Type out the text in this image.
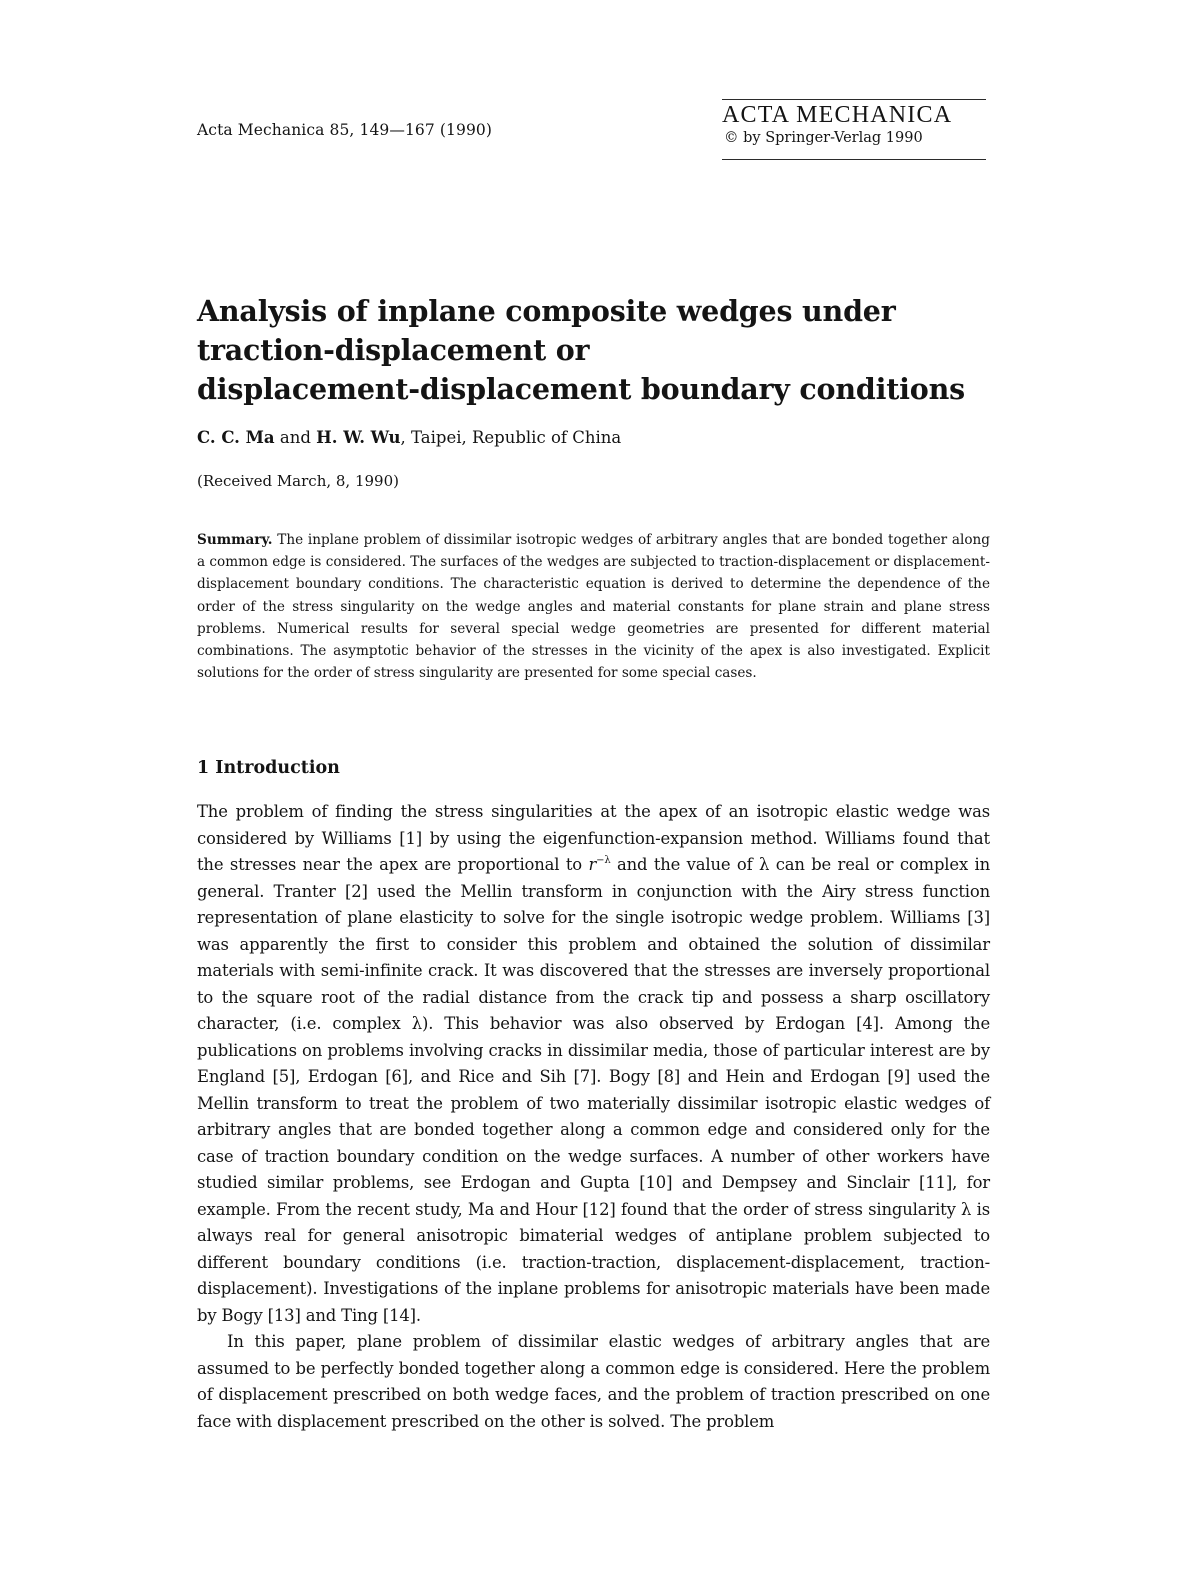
Acta Mechanica 85, 149—167 (1990)
ACTA MECHANICA
© by Springer-Verlag 1990
Analysis of inplane composite wedges under
traction-displacement or
displacement-displacement boundary conditions
C. C. Ma and H. W. Wu, Taipei, Republic of China
(Received March, 8, 1990)
Summary. The inplane problem of dissimilar isotropic wedges of arbitrary angles that are bonded together along a common edge is considered. The surfaces of the wedges are subjected to traction-displacement or displacement-displacement boundary conditions. The characteristic equation is derived to determine the dependence of the order of the stress singularity on the wedge angles and material constants for plane strain and plane stress problems. Numerical results for several special wedge geometries are presented for different material combinations. The asymptotic behavior of the stresses in the vicinity of the apex is also investigated. Explicit solutions for the order of stress singularity are presented for some special cases.
1 Introduction

The problem of finding the stress singularities at the apex of an isotropic elastic wedge was considered by Williams [1] by using the eigenfunction-expansion method. Williams found that the stresses near the apex are proportional to $r^{-\lambda}$ and the value of λ can be real or complex in general. Tranter [2] used the Mellin transform in conjunction with the Airy stress function representation of plane elasticity to solve for the single isotropic wedge problem. Williams [3] was apparently the first to consider this problem and obtained the solution of dissimilar materials with semi-infinite crack. It was discovered that the stresses are inversely proportional to the square root of the radial distance from the crack tip and possess a sharp oscillatory character, (i.e. complex λ). This behavior was also observed by Erdogan [4]. Among the publications on problems involving cracks in dissimilar media, those of particular interest are by England [5], Erdogan [6], and Rice and Sih [7]. Bogy [8] and Hein and Erdogan [9] used the Mellin transform to treat the problem of two materially dissimilar isotropic elastic wedges of arbitrary angles that are bonded together along a common edge and considered only for the case of traction boundary condition on the wedge surfaces. A number of other workers have studied similar problems, see Erdogan and Gupta [10] and Dempsey and Sinclair [11], for example. From the recent study, Ma and Hour [12] found that the order of stress singularity λ is always real for general anisotropic bimaterial wedges of antiplane problem subjected to different boundary conditions (i.e. traction-traction, displacement-displacement, traction-displacement). Investigations of the inplane problems for anisotropic materials have been made by Bogy [13] and Ting [14].

In this paper, plane problem of dissimilar elastic wedges of arbitrary angles that are assumed to be perfectly bonded together along a common edge is considered. Here the problem of displacement prescribed on both wedge faces, and the problem of traction prescribed on one face with displacement prescribed on the other is solved. The problem
